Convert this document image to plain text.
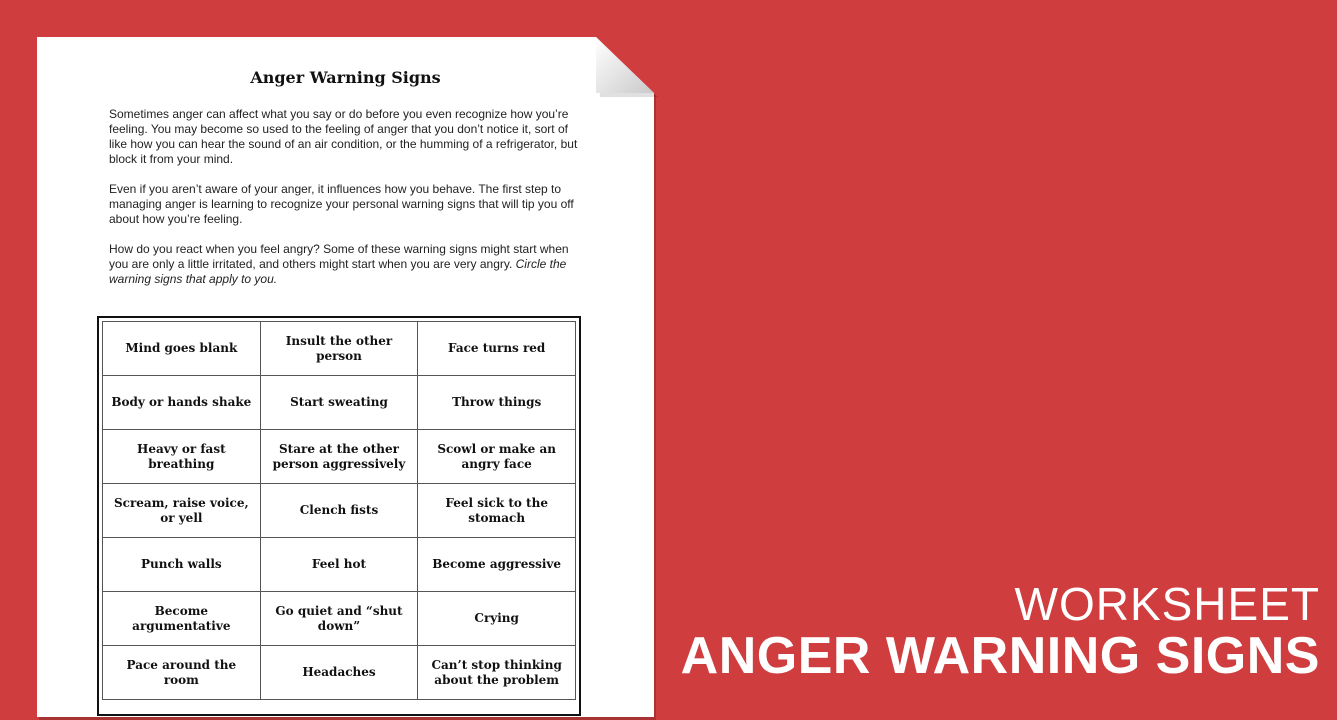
Anger Warning Signs

Sometimes anger can affect what you say or do before you even recognize how you’re feeling. You may become so used to the feeling of anger that you don’t notice it, sort of like how you can hear the sound of an air condition, or the humming of a refrigerator, but block it from your mind.

Even if you aren’t aware of your anger, it influences how you behave. The first step to managing anger is learning to recognize your personal warning signs that will tip you off about how you’re feeling.

How do you react when you feel angry? Some of these warning signs might start when you are only a little irritated, and others might start when you are very angry. Circle the warning signs that apply to you.

Mind goes blank	Insult the other person	Face turns red
Body or hands shake	Start sweating	Throw things
Heavy or fast breathing	Stare at the other person aggressively	Scowl or make an angry face
Scream, raise voice, or yell	Clench fists	Feel sick to the stomach
Punch walls	Feel hot	Become aggressive
Become argumentative	Go quiet and “shut down”	Crying
Pace around the room	Headaches	Can’t stop thinking about the problem
WORKSHEET
ANGER WARNING SIGNS
